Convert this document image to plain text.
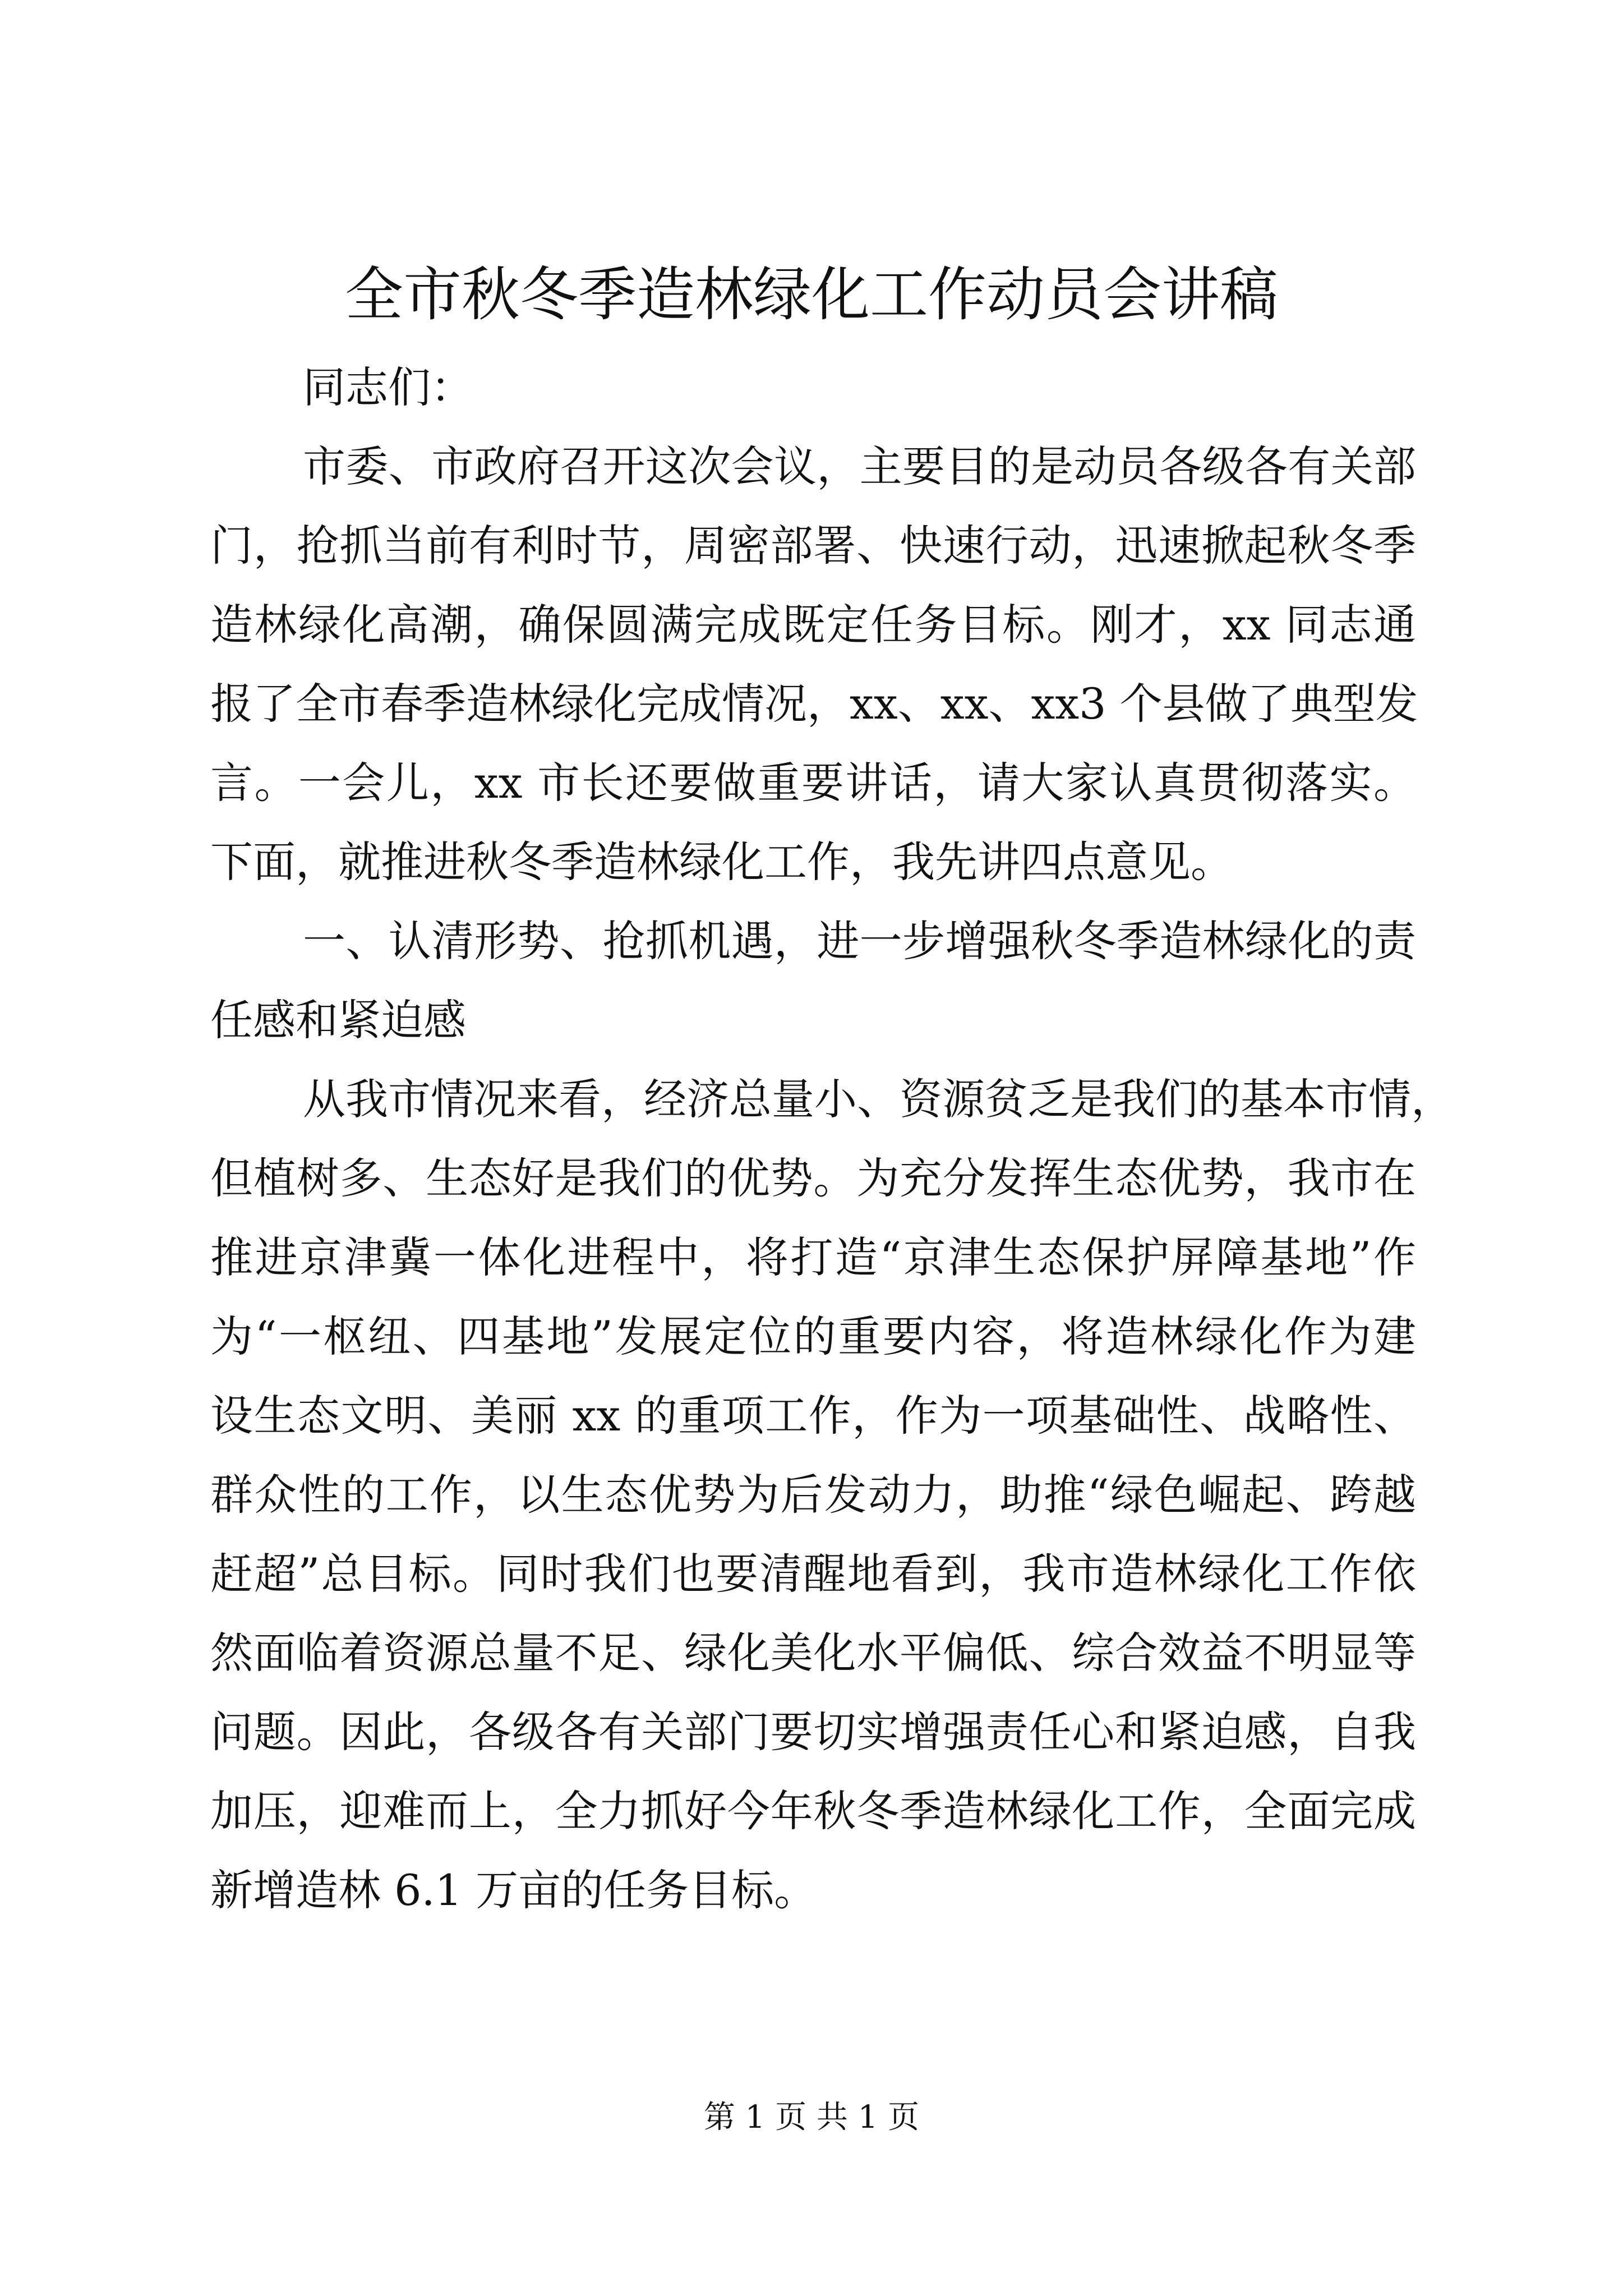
全市秋冬季造林绿化工作动员会讲稿
同志们：
市委、市政府召开这次会议，主要目的是动员各级各有关部
门，抢抓当前有利时节，周密部署、快速行动，迅速掀起秋冬季
造林绿化高潮，确保圆满完成既定任务目标。刚才，xx 同志通
报了全市春季造林绿化完成情况，xx、xx、xx3 个县做了典型发
言。一会儿，xx 市长还要做重要讲话，请大家认真贯彻落实。
下面，就推进秋冬季造林绿化工作，我先讲四点意见。
一、认清形势、抢抓机遇，进一步增强秋冬季造林绿化的责
任感和紧迫感
从我市情况来看，经济总量小、资源贫乏是我们的基本市情，
但植树多、生态好是我们的优势。为充分发挥生态优势，我市在
推进京津冀一体化进程中，将打造“京津生态保护屏障基地”作
为“一枢纽、四基地”发展定位的重要内容，将造林绿化作为建
设生态文明、美丽 xx 的重项工作，作为一项基础性、战略性、
群众性的工作，以生态优势为后发动力，助推“绿色崛起、跨越
赶超”总目标。同时我们也要清醒地看到，我市造林绿化工作依
然面临着资源总量不足、绿化美化水平偏低、综合效益不明显等
问题。因此，各级各有关部门要切实增强责任心和紧迫感，自我
加压，迎难而上，全力抓好今年秋冬季造林绿化工作，全面完成
新增造林 6.1 万亩的任务目标。
第 1 页 共 1 页
